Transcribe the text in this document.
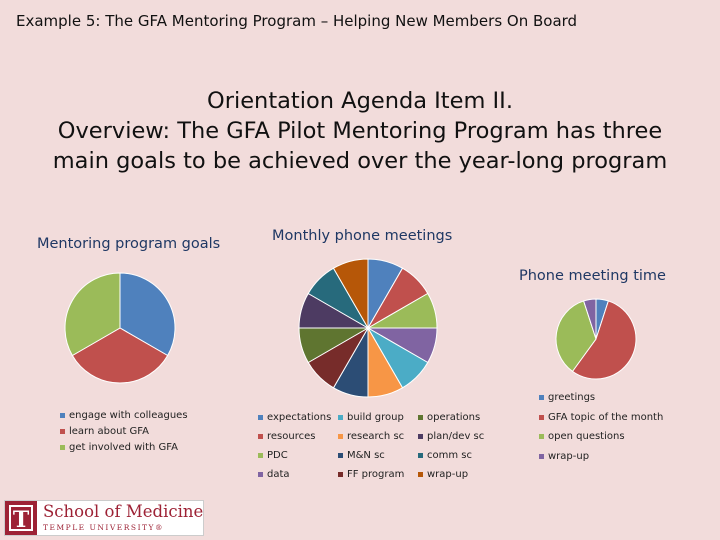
Example 5: The GFA Mentoring Program – Helping New Members On Board
Orientation Agenda Item II.
Overview: The GFA Pilot Mentoring Program has three
main goals to be achieved over the year-long program
Mentoring program goals
engage with colleagues
learn about GFA
get involved with GFA
Monthly phone meetings
expectations
resources
PDC
data
build group
research sc
M&N sc
FF program
operations
plan/dev sc
comm sc
wrap-up
Phone meeting time
greetings
GFA topic of the month
open questions
wrap-up
T School of Medicine
TEMPLE UNIVERSITY®
